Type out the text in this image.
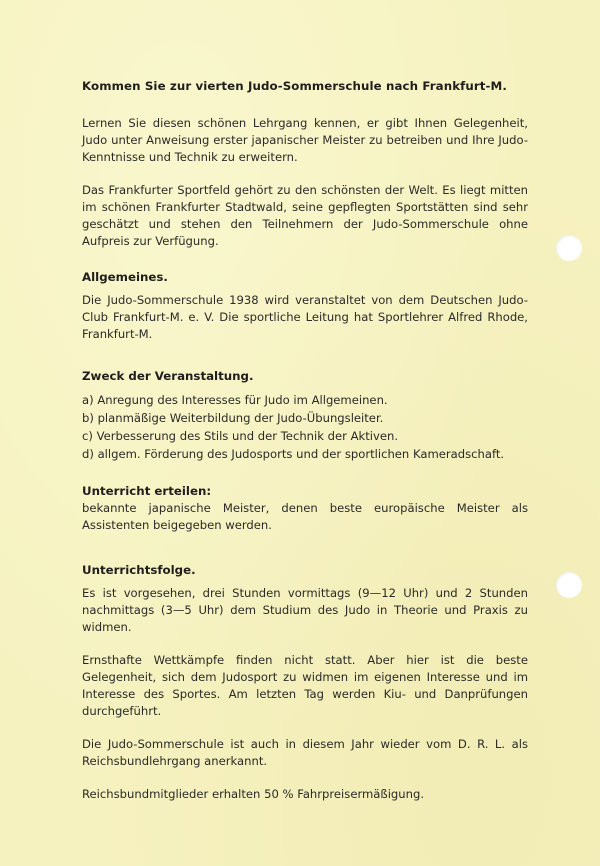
Kommen Sie zur vierten Judo-Sommerschule nach Frankfurt-M.

Lernen Sie diesen schönen Lehrgang kennen, er gibt Ihnen Gelegenheit, Judo unter Anweisung erster japanischer Meister zu betreiben und Ihre Judo-Kenntnisse und Technik zu erweitern.

Das Frankfurter Sportfeld gehört zu den schönsten der Welt. Es liegt mitten im schönen Frankfurter Stadtwald, seine gepflegten Sportstätten sind sehr geschätzt und stehen den Teilnehmern der Judo-Sommerschule ohne Aufpreis zur Verfügung.

Allgemeines.

Die Judo-Sommerschule 1938 wird veranstaltet von dem Deutschen Judo-Club Frankfurt-M. e. V. Die sportliche Leitung hat Sportlehrer Alfred Rhode, Frankfurt-M.

Zweck der Veranstaltung.

a) Anregung des Interesses für Judo im Allgemeinen.

b) planmäßige Weiterbildung der Judo-Übungsleiter.

c) Verbesserung des Stils und der Technik der Aktiven.

d) allgem. Förderung des Judosports und der sportlichen Kameradschaft.

Unterricht erteilen:

bekannte japanische Meister, denen beste europäische Meister als Assistenten beigegeben werden.

Unterrichtsfolge.

Es ist vorgesehen, drei Stunden vormittags (9—12 Uhr) und 2 Stunden nachmittags (3—5 Uhr) dem Studium des Judo in Theorie und Praxis zu widmen.

Ernsthafte Wettkämpfe finden nicht statt. Aber hier ist die beste Gelegenheit, sich dem Judosport zu widmen im eigenen Interesse und im Interesse des Sportes. Am letzten Tag werden Kiu- und Danprüfungen durchgeführt.

Die Judo-Sommerschule ist auch in diesem Jahr wieder vom D. R. L. als Reichsbundlehrgang anerkannt.

Reichsbundmitglieder erhalten 50 % Fahrpreisermäßigung.
